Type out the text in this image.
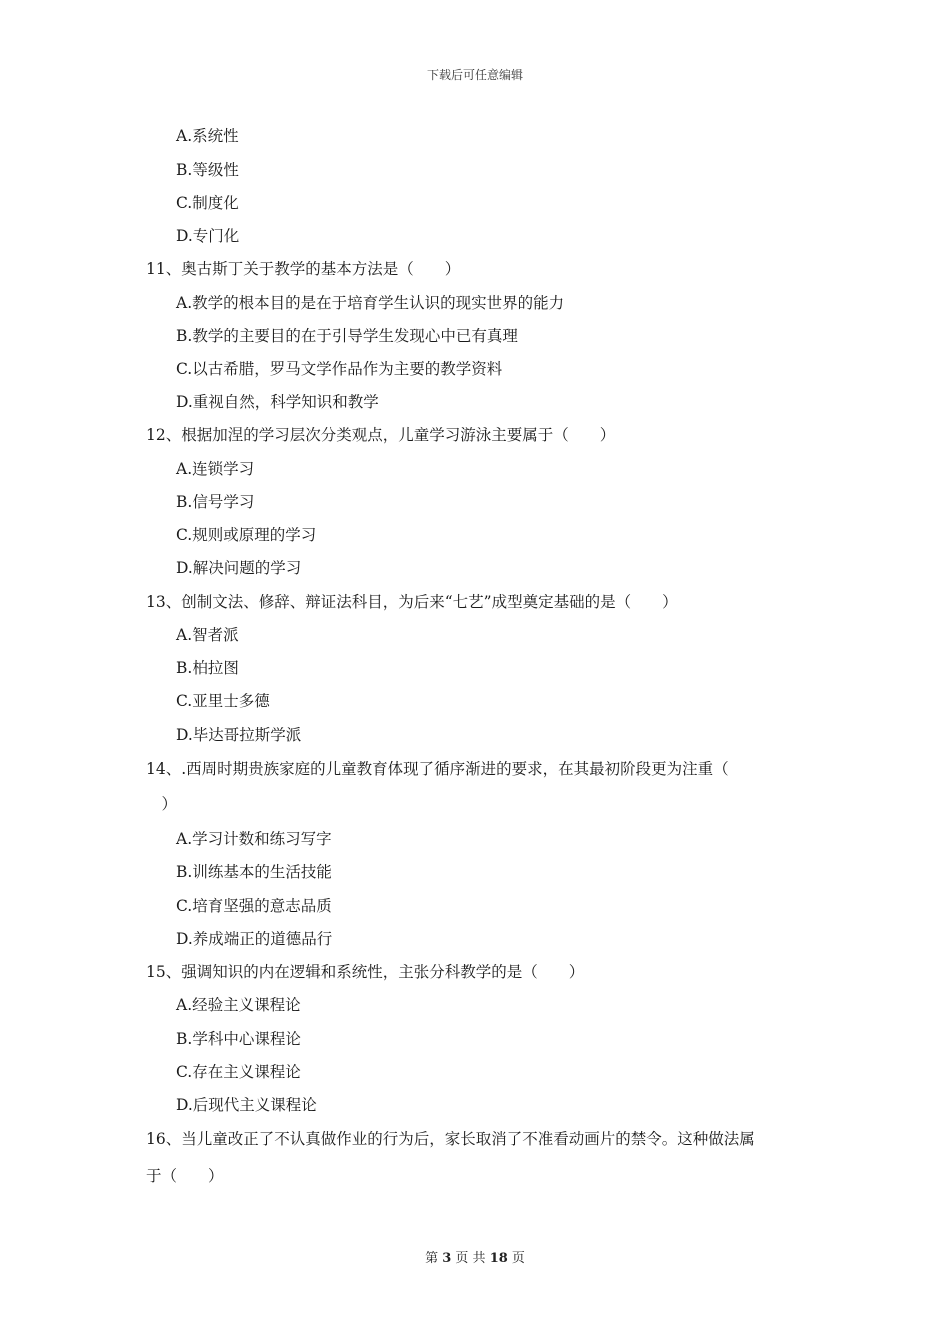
下载后可任意编辑
A.系统性
B.等级性
C.制度化
D.专门化
11、奥古斯丁关于教学的基本方法是（　　）
A.教学的根本目的是在于培育学生认识的现实世界的能力
B.教学的主要目的在于引导学生发现心中已有真理
C.以古希腊，罗马文学作品作为主要的教学资料
D.重视自然，科学知识和教学
12、根据加涅的学习层次分类观点，儿童学习游泳主要属于（　　）
A.连锁学习
B.信号学习
C.规则或原理的学习
D.解决问题的学习
13、创制文法、修辞、辩证法科目，为后来“七艺”成型奠定基础的是（　　）
A.智者派
B.柏拉图
C.亚里士多德
D.毕达哥拉斯学派
14、.西周时期贵族家庭的儿童教育体现了循序渐进的要求，在其最初阶段更为注重（
　）
A.学习计数和练习写字
B.训练基本的生活技能
C.培育坚强的意志品质
D.养成端正的道德品行
15、强调知识的内在逻辑和系统性，主张分科教学的是（　　）
A.经验主义课程论
B.学科中心课程论
C.存在主义课程论
D.后现代主义课程论
16、当儿童改正了不认真做作业的行为后，家长取消了不准看动画片的禁令。这种做法属
于（　　）
第 3 页 共 18 页
